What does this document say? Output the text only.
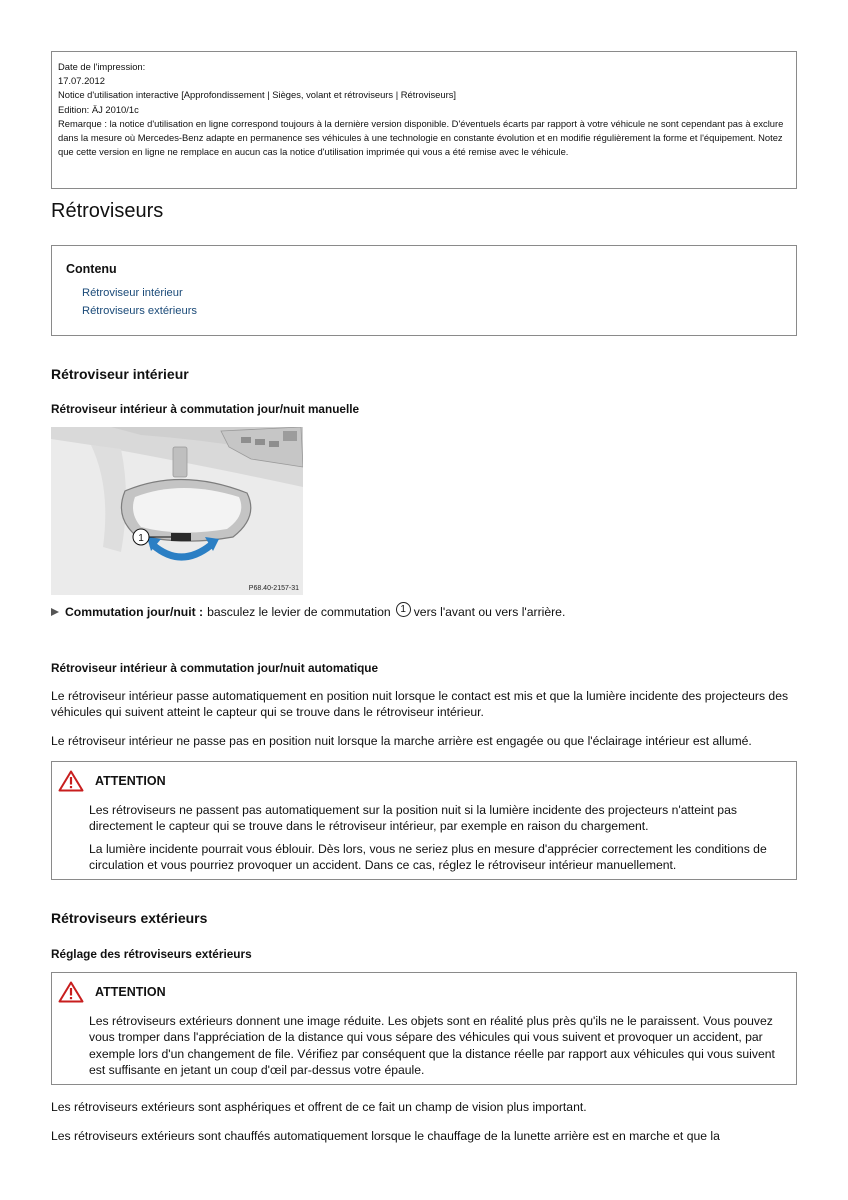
Date de l'impression:

17.07.2012

Notice d'utilisation interactive [Approfondissement | Sièges, volant et rétroviseurs | Rétroviseurs]

Edition: ÄJ 2010/1c

Remarque : la notice d'utilisation en ligne correspond toujours à la dernière version disponible. D'éventuels écarts par rapport à votre véhicule ne sont cependant pas à exclure dans la mesure où Mercedes-Benz adapte en permanence ses véhicules à une technologie en constante évolution et en modifie régulièrement la forme et l'équipement. Notez que cette version en ligne ne remplace en aucun cas la notice d'utilisation imprimée qui vous a été remise avec le véhicule.

Rétroviseurs
Contenu
Rétroviseur intérieur
Rétroviseurs extérieurs
Rétroviseur intérieur
Rétroviseur intérieur à commutation jour/nuit manuelle
1
P68.40-2157-31
Commutation jour/nuit : basculez le levier de commutation 1 vers l'avant ou vers l'arrière.
Rétroviseur intérieur à commutation jour/nuit automatique

Le rétroviseur intérieur passe automatiquement en position nuit lorsque le contact est mis et que la lumière incidente des projecteurs des véhicules qui suivent atteint le capteur qui se trouve dans le rétroviseur intérieur.

Le rétroviseur intérieur ne passe pas en position nuit lorsque la marche arrière est engagée ou que l'éclairage intérieur est allumé.

ATTENTION

Les rétroviseurs ne passent pas automatiquement sur la position nuit si la lumière incidente des projecteurs n'atteint pas directement le capteur qui se trouve dans le rétroviseur intérieur, par exemple en raison du chargement.

La lumière incidente pourrait vous éblouir. Dès lors, vous ne seriez plus en mesure d'apprécier correctement les conditions de circulation et vous pourriez provoquer un accident. Dans ce cas, réglez le rétroviseur intérieur manuellement.

Rétroviseurs extérieurs
Réglage des rétroviseurs extérieurs
ATTENTION

Les rétroviseurs extérieurs donnent une image réduite. Les objets sont en réalité plus près qu'ils ne le paraissent. Vous pouvez vous tromper dans l'appréciation de la distance qui vous sépare des véhicules qui vous suivent et provoquer un accident, par exemple lors d'un changement de file. Vérifiez par conséquent que la distance réelle par rapport aux véhicules qui vous suivent est suffisante en jetant un coup d'œil par-dessus votre épaule.

Les rétroviseurs extérieurs sont asphériques et offrent de ce fait un champ de vision plus important.

Les rétroviseurs extérieurs sont chauffés automatiquement lorsque le chauffage de la lunette arrière est en marche et que la
